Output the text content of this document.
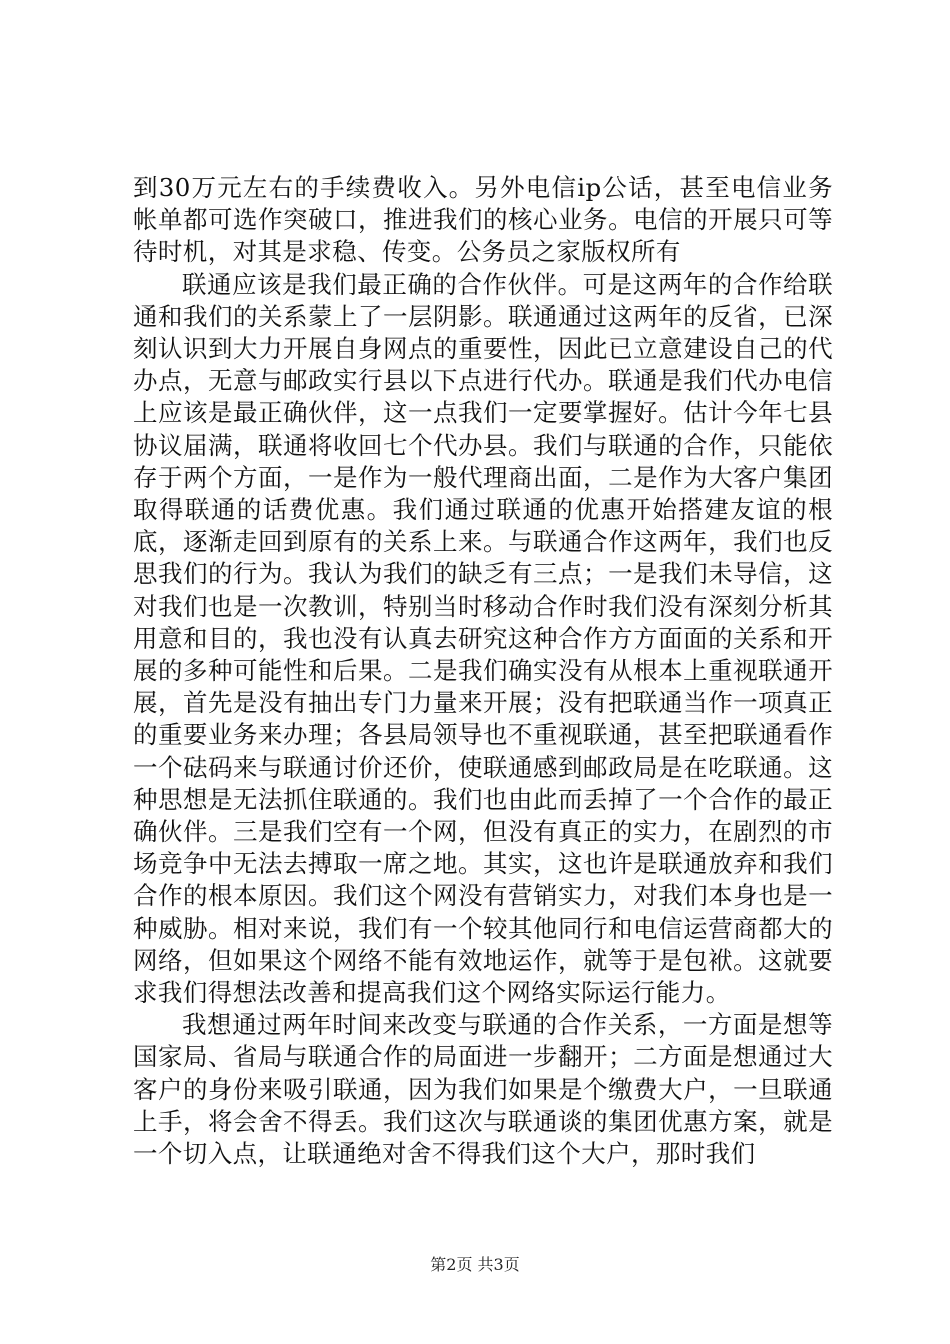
到30万元左右的手续费收入。另外电信ip公话，甚至电信业务帐单都可选作突破口，推进我们的核心业务。电信的开展只可等待时机，对其是求稳、传变。公务员之家版权所有

联通应该是我们最正确的合作伙伴。可是这两年的合作给联通和我们的关系蒙上了一层阴影。联通通过这两年的反省，已深刻认识到大力开展自身网点的重要性，因此已立意建设自己的代办点，无意与邮政实行县以下点进行代办。联通是我们代办电信上应该是最正确伙伴，这一点我们一定要掌握好。估计今年七县协议届满，联通将收回七个代办县。我们与联通的合作，只能依存于两个方面，一是作为一般代理商出面，二是作为大客户集团取得联通的话费优惠。我们通过联通的优惠开始搭建友谊的根底，逐渐走回到原有的关系上来。与联通合作这两年，我们也反思我们的行为。我认为我们的缺乏有三点；一是我们未导信，这对我们也是一次教训，特别当时移动合作时我们没有深刻分析其用意和目的，我也没有认真去研究这种合作方方面面的关系和开展的多种可能性和后果。二是我们确实没有从根本上重视联通开展，首先是没有抽出专门力量来开展；没有把联通当作一项真正的重要业务来办理；各县局领导也不重视联通，甚至把联通看作一个砝码来与联通讨价还价，使联通感到邮政局是在吃联通。这种思想是无法抓住联通的。我们也由此而丢掉了一个合作的最正确伙伴。三是我们空有一个网，但没有真正的实力，在剧烈的市场竞争中无法去搏取一席之地。其实，这也许是联通放弃和我们合作的根本原因。我们这个网没有营销实力，对我们本身也是一种威胁。相对来说，我们有一个较其他同行和电信运营商都大的网络，但如果这个网络不能有效地运作，就等于是包袱。这就要求我们得想法改善和提高我们这个网络实际运行能力。

我想通过两年时间来改变与联通的合作关系，一方面是想等国家局、省局与联通合作的局面进一步翻开；二方面是想通过大客户的身份来吸引联通，因为我们如果是个缴费大户，一旦联通上手，将会舍不得丢。我们这次与联通谈的集团优惠方案，就是一个切入点，让联通绝对舍不得我们这个大户，那时我们

第2页 共3页
